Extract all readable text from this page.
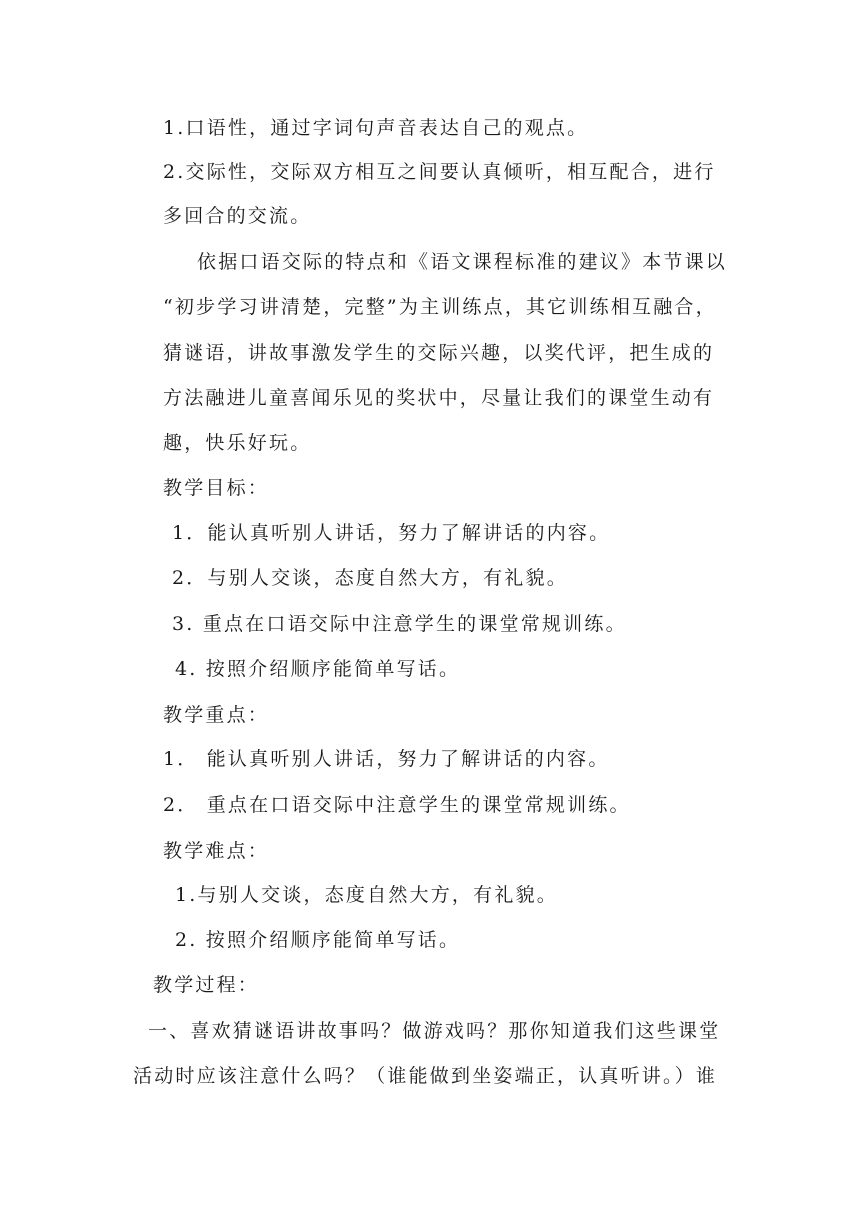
1.口语性，通过字词句声音表达自己的观点。
2.交际性，交际双方相互之间要认真倾听，相互配合，进行
多回合的交流。
依据口语交际的特点和《语文课程标准的建议》本节课以
“初步学习讲清楚，完整”为主训练点，其它训练相互融合，
猜谜语，讲故事激发学生的交际兴趣，以奖代评，把生成的
方法融进儿童喜闻乐见的奖状中，尽量让我们的课堂生动有
趣，快乐好玩。
教学目标：
1．能认真听别人讲话，努力了解讲话的内容。
2．与别人交谈，态度自然大方，有礼貌。
3. 重点在口语交际中注意学生的课堂常规训练。
4. 按照介绍顺序能简单写话。
教学重点：
1． 能认真听别人讲话，努力了解讲话的内容。
2． 重点在口语交际中注意学生的课堂常规训练。
教学难点：
1.与别人交谈，态度自然大方，有礼貌。
2. 按照介绍顺序能简单写话。
教学过程：
一、喜欢猜谜语讲故事吗？做游戏吗？那你知道我们这些课堂
活动时应该注意什么吗？（谁能做到坐姿端正，认真听讲。）谁
